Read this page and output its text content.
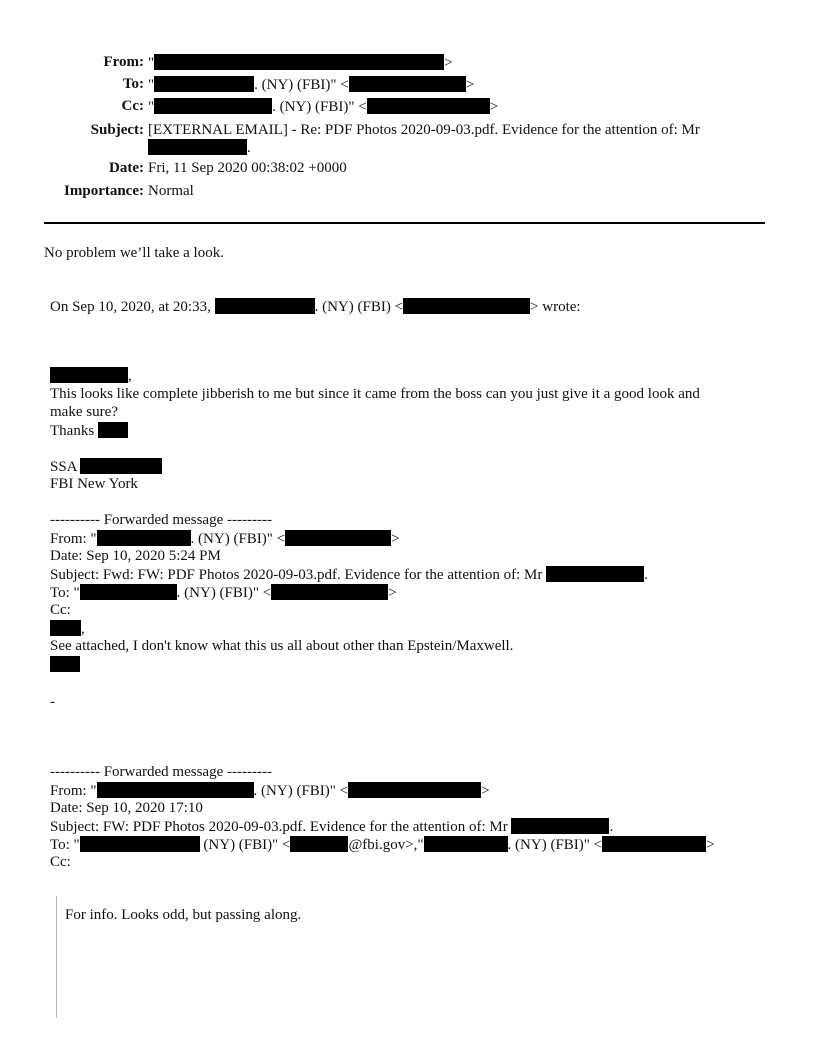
From: "	>
To: "	. (NY) (FBI)" <	>
Cc: "	. (NY) (FBI)" <	>
Subject: [EXTERNAL EMAIL] - Re: PDF Photos 2020-09-03.pdf. Evidence for the attention of: Mr
.
Date: Fri, 11 Sep 2020 00:38:02 +0000
Importance: Normal
No problem we’ll take a look.
On Sep 10, 2020, at 20:33,	. (NY) (FBI) <	> wrote:
,
This looks like complete jibberish to me but since it came from the boss can you just give it a good look and
make sure?
Thanks
SSA
FBI New York
---------- Forwarded message ---------
From: "	. (NY) (FBI)" <	>
Date: Sep 10, 2020 5:24 PM
Subject: Fwd: FW: PDF Photos 2020-09-03.pdf. Evidence for the attention of: Mr	.
To: "	. (NY) (FBI)" <	>
Cc:
,
See attached, I don't know what this us all about other than Epstein/Maxwell.
-
---------- Forwarded message ---------
From: "	. (NY) (FBI)" <	>
Date: Sep 10, 2020 17:10
Subject: FW: PDF Photos 2020-09-03.pdf. Evidence for the attention of: Mr	.
To: "	(NY) (FBI)" <	@fbi.gov>,"	. (NY) (FBI)" <	>
Cc:
For info. Looks odd, but passing along.
